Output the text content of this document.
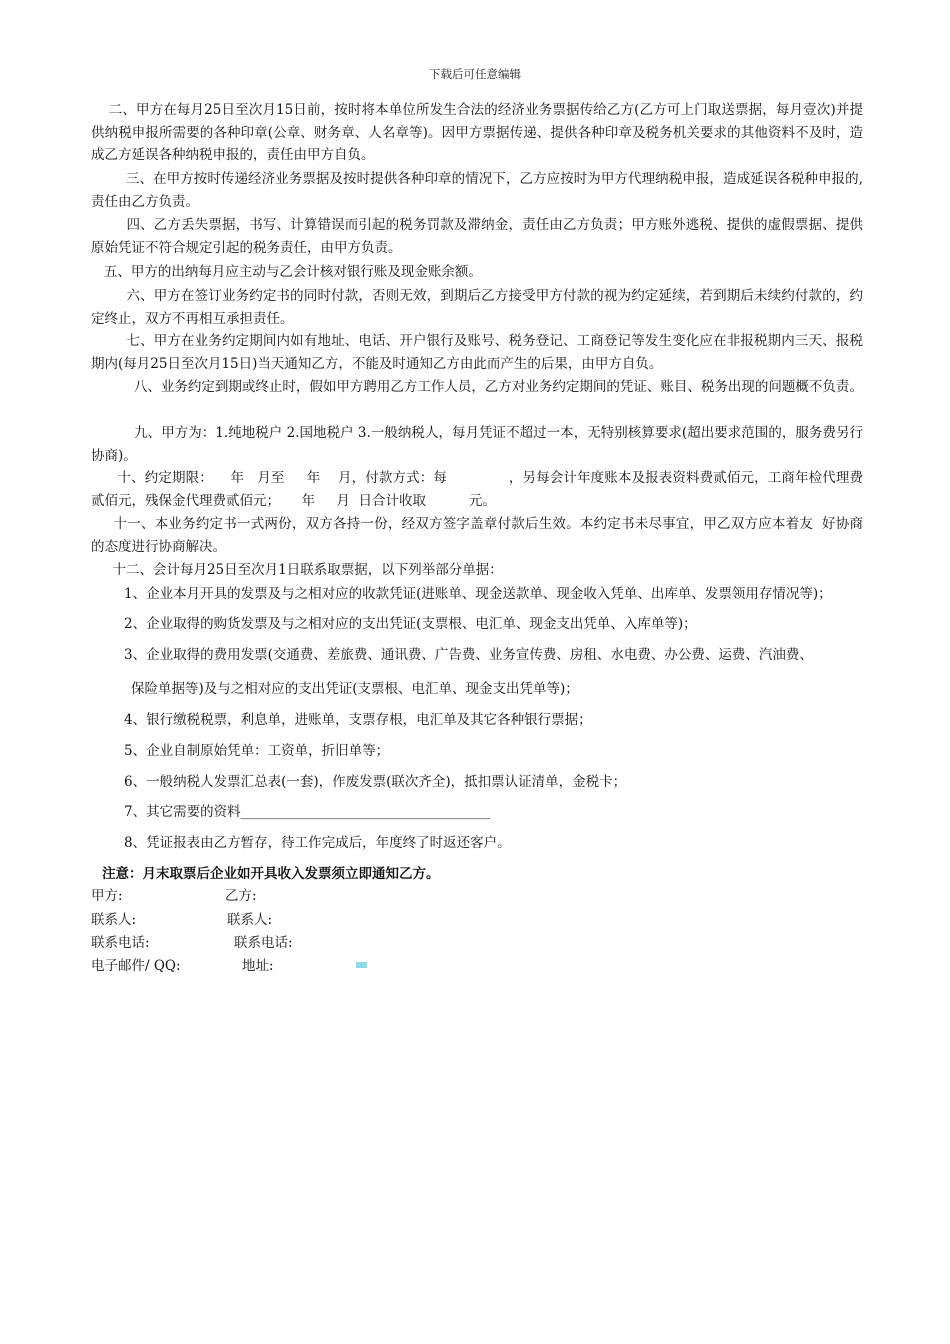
下载后可任意编辑

二、甲方在每月25日至次月15日前，按时将本单位所发生合法的经济业务票据传给乙方(乙方可上门取送票据，每月壹次)并提供纳税申报所需要的各种印章(公章、财务章、人名章等)。因甲方票据传递、提供各种印章及税务机关要求的其他资料不及时，造成乙方延误各种纳税申报的，责任由甲方自负。

三、在甲方按时传递经济业务票据及按时提供各种印章的情况下，乙方应按时为甲方代理纳税申报，造成延误各税种申报的, 责任由乙方负责。

四、乙方丢失票据，书写、计算错误而引起的税务罚款及滞纳金，责任由乙方负责；甲方账外逃税、提供的虚假票据、提供原始凭证不符合规定引起的税务责任，由甲方负责。

五、甲方的出纳每月应主动与乙会计核对银行账及现金账余额。

六、甲方在签订业务约定书的同时付款，否则无效，到期后乙方接受甲方付款的视为约定延续，若到期后未续约付款的，约定终止，双方不再相互承担责任。

七、甲方在业务约定期间内如有地址、电话、开户银行及账号、税务登记、工商登记等发生变化应在非报税期内三天、报税期内(每月25日至次月15日)当天通知乙方，不能及时通知乙方由此而产生的后果，由甲方自负。

八、业务约定到期或终止时，假如甲方聘用乙方工作人员，乙方对业务约定期间的凭证、账目、税务出现的问题概不负责。

九、甲方为：1.纯地税户 2.国地税户 3.一般纳税人，每月凭证不超过一本，无特别核算要求(超出要求范围的，服务费另行协商)。

十、约定期限：    年   月至     年    月，付款方式：每              ，另每会计年度账本及报表资料费贰佰元，工商年检代理费贰佰元，残保金代理费贰佰元；     年     月  日合计收取          元。

十一、本业务约定书一式两份，双方各持一份，经双方签字盖章付款后生效。本约定书未尽事宜，甲乙双方应本着友  好协商的态度进行协商解决。

十二、会计每月25日至次月1日联系取票据，以下列举部分单据：

1、企业本月开具的发票及与之相对应的收款凭证(进账单、现金送款单、现金收入凭单、出库单、发票领用存情况等)；

2、企业取得的购货发票及与之相对应的支出凭证(支票根、电汇单、现金支出凭单、入库单等)；

3、企业取得的费用发票(交通费、差旅费、通讯费、广告费、业务宣传费、房租、水电费、办公费、运费、汽油费、

保险单据等)及与之相对应的支出凭证(支票根、电汇单、现金支出凭单等)；

4、银行缴税税票，利息单，进账单，支票存根，电汇单及其它各种银行票据；

5、企业自制原始凭单：工资单，折旧单等；

6、一般纳税人发票汇总表(一套)，作废发票(联次齐全)，抵扣票认证清单，金税卡；

7、其它需要的资料_____________________________________

8、凭证报表由乙方暂存，待工作完成后，年度终了时返还客户。

注意：月末取票后企业如开具收入发票须立即通知乙方。
甲方:	乙方:
联系人:	联系人:
联系电话:	联系电话:
电子邮件/ QQ:	地址:
